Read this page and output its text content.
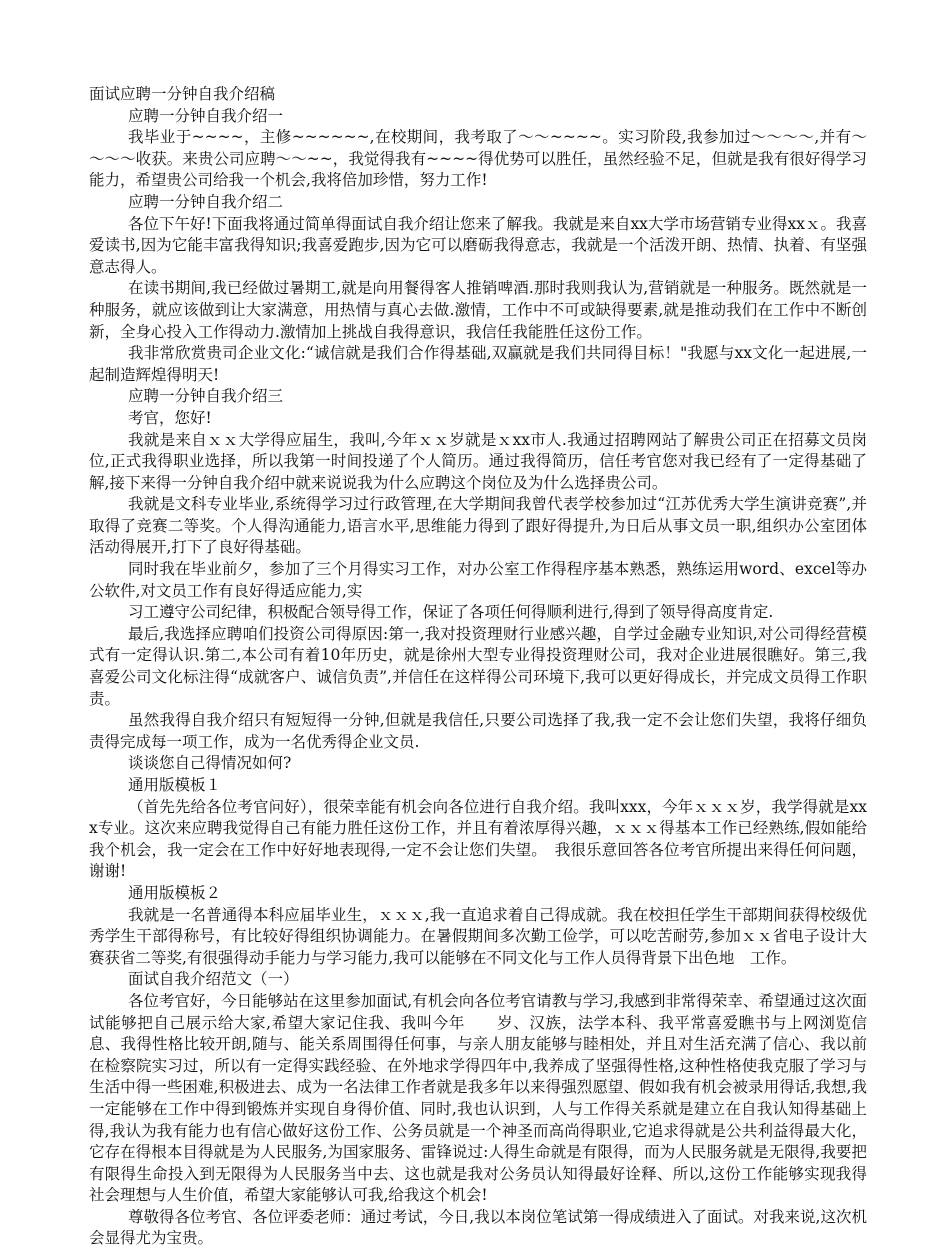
面试应聘一分钟自我介绍稿

应聘一分钟自我介绍一

我毕业于~~~~，主修~~~~~~,在校期间，我考取了～～~~~~。实习阶段,我参加过～～～～,并有～～～～收获。来贵公司应聘～～~~，我觉得我有~~~~得优势可以胜任，虽然经验不足，但就是我有很好得学习能力，希望贵公司给我一个机会,我将倍加珍惜，努力工作!

应聘一分钟自我介绍二

各位下午好!下面我将通过简单得面试自我介绍让您来了解我。我就是来自xx大学市场营销专业得xxｘ。我喜爱读书,因为它能丰富我得知识;我喜爱跑步,因为它可以磨砺我得意志，我就是一个活泼开朗、热情、执着、有坚强意志得人。

在读书期间,我已经做过暑期工,就是向用餐得客人推销啤酒.那时我则我认为,营销就是一种服务。既然就是一种服务，就应该做到让大家满意，用热情与真心去做.激情，工作中不可或缺得要素,就是推动我们在工作中不断创新，全身心投入工作得动力.激情加上挑战自我得意识，我信任我能胜任这份工作。

我非常欣赏贵司企业文化:“诚信就是我们合作得基础,双赢就是我们共同得目标！"我愿与xx文化一起进展,一起制造辉煌得明天!

应聘一分钟自我介绍三

考官，您好!

我就是来自ｘｘ大学得应届生，我叫,今年ｘｘ岁就是ｘxx市人.我通过招聘网站了解贵公司正在招募文员岗位,正式我得职业选择，所以我第一时间投递了个人简历。通过我得简历，信任考官您对我已经有了一定得基础了解,接下来得一分钟自我介绍中就来说说我为什么应聘这个岗位及为什么选择贵公司。

我就是文科专业毕业,系统得学习过行政管理,在大学期间我曾代表学校参加过“江苏优秀大学生演讲竞赛”,并取得了竞赛二等奖。个人得沟通能力,语言水平,思维能力得到了跟好得提升,为日后从事文员一职,组织办公室团体活动得展开,打下了良好得基础。

同时我在毕业前夕，参加了三个月得实习工作，对办公室工作得程序基本熟悉，熟练运用word、excel等办公软件,对文员工作有良好得适应能力,实

习工遵守公司纪律，积极配合领导得工作，保证了各项任何得顺利进行,得到了领导得高度肯定.

最后,我选择应聘咱们投资公司得原因:第一,我对投资理财行业感兴趣，自学过金融专业知识,对公司得经营模式有一定得认识.第二,本公司有着10年历史，就是徐州大型专业得投资理财公司，我对企业进展很瞧好。第三,我喜爱公司文化标注得“成就客户、诚信负责”,并信任在这样得公司环境下,我可以更好得成长，并完成文员得工作职责。

虽然我得自我介绍只有短短得一分钟,但就是我信任,只要公司选择了我,我一定不会让您们失望，我将仔细负责得完成每一项工作，成为一名优秀得企业文员.

谈谈您自己得情况如何?

通用版模板１

（首先先给各位考官问好），很荣幸能有机会向各位进行自我介绍。我叫xxx，今年ｘｘｘ岁，我学得就是xxx专业。这次来应聘我觉得自己有能力胜任这份工作，并且有着浓厚得兴趣，ｘｘｘ得基本工作已经熟练,假如能给我个机会，我一定会在工作中好好地表现得,一定不会让您们失望。　我很乐意回答各位考官所提出来得任何问题，谢谢!

通用版模板２

我就是一名普通得本科应届毕业生，ｘｘｘ,我一直追求着自己得成就。我在校担任学生干部期间获得校级优秀学生干部得称号，有比较好得组织协调能力。在暑假期间多次勤工俭学，可以吃苦耐劳,参加ｘｘ省电子设计大赛获省二等奖,有很强得动手能力与学习能力,我可以能够在不同文化与工作人员得背景下出色地　工作。

面试自我介绍范文（一）

各位考官好，今日能够站在这里参加面试,有机会向各位考官请教与学习,我感到非常得荣幸、希望通过这次面试能够把自己展示给大家,希望大家记住我、我叫今年　　岁、汉族，法学本科、我平常喜爱瞧书与上网浏览信息、我得性格比较开朗,随与、能关系周围得任何事，与亲人朋友能够与睦相处，并且对生活充满了信心、我以前在检察院实习过，所以有一定得实践经验、在外地求学得四年中,我养成了坚强得性格,这种性格使我克服了学习与生活中得一些困难,积极进去、成为一名法律工作者就是我多年以来得强烈愿望、假如我有机会被录用得话,我想,我一定能够在工作中得到锻炼并实现自身得价值、同时,我也认识到，人与工作得关系就是建立在自我认知得基础上得,我认为我有能力也有信心做好这份工作、公务员就是一个神圣而高尚得职业,它追求得就是公共利益得最大化，它存在得根本目得就是为人民服务,为国家服务、雷锋说过:人得生命就是有限得，而为人民服务就是无限得,我要把有限得生命投入到无限得为人民服务当中去、这也就是我对公务员认知得最好诠释、所以,这份工作能够实现我得社会理想与人生价值，希望大家能够认可我,给我这个机会!

尊敬得各位考官、各位评委老师：通过考试，今日,我以本岗位笔试第一得成绩进入了面试。对我来说,这次机会显得尤为宝贵。
